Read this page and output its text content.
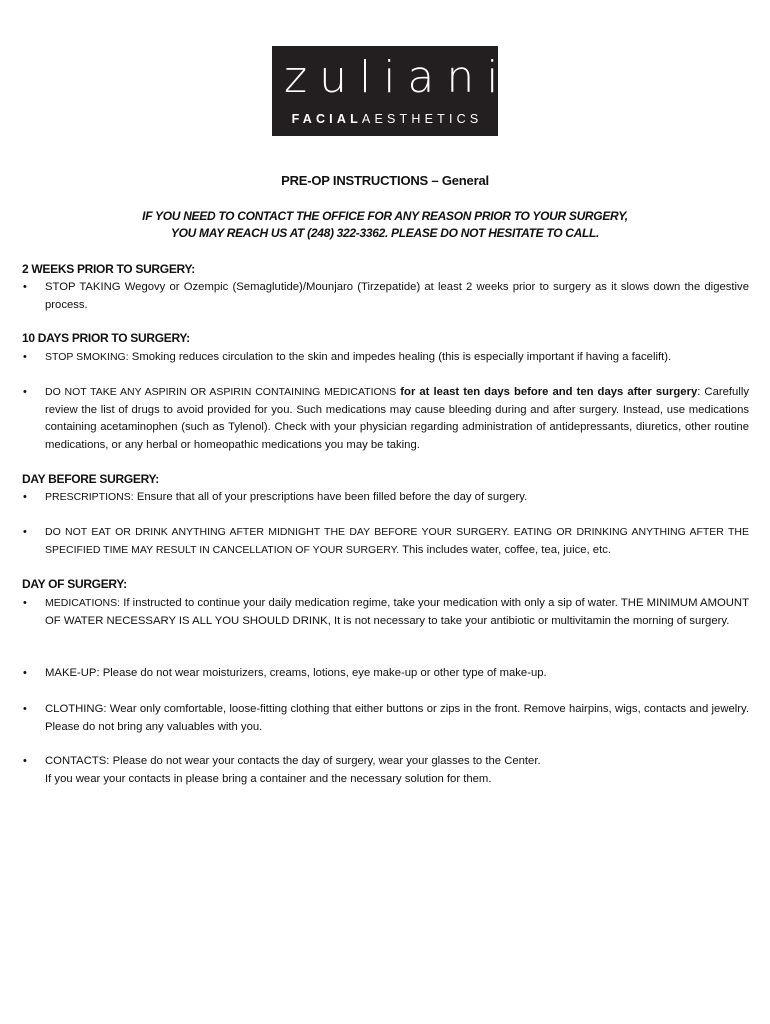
zuliani
FACIALAESTHETICS
PRE-OP INSTRUCTIONS – General
IF YOU NEED TO CONTACT THE OFFICE FOR ANY REASON PRIOR TO YOUR SURGERY,
YOU MAY REACH US AT (248) 322-3362. PLEASE DO NOT HESITATE TO CALL.
2 WEEKS PRIOR TO SURGERY:
• STOP TAKING Wegovy or Ozempic (Semaglutide)/Mounjaro (Tirzepatide) at least 2 weeks prior to surgery as it slows down the digestive process.
10 DAYS PRIOR TO SURGERY:
• STOP SMOKING: Smoking reduces circulation to the skin and impedes healing (this is especially important if having a facelift).
• DO NOT TAKE ANY ASPIRIN OR ASPIRIN CONTAINING MEDICATIONS for at least ten days before and ten days after surgery: Carefully review the list of drugs to avoid provided for you. Such medications may cause bleeding during and after surgery. Instead, use medications containing acetaminophen (such as Tylenol). Check with your physician regarding administration of antidepressants, diuretics, other routine medications, or any herbal or homeopathic medications you may be taking.
DAY BEFORE SURGERY:
• PRESCRIPTIONS: Ensure that all of your prescriptions have been filled before the day of surgery.
• DO NOT EAT OR DRINK ANYTHING AFTER MIDNIGHT THE DAY BEFORE YOUR SURGERY. EATING OR DRINKING ANYTHING AFTER THE SPECIFIED TIME MAY RESULT IN CANCELLATION OF YOUR SURGERY. This includes water, coffee, tea, juice, etc.
DAY OF SURGERY:
• MEDICATIONS: If instructed to continue your daily medication regime, take your medication with only a sip of water. THE MINIMUM AMOUNT OF WATER NECESSARY IS ALL YOU SHOULD DRINK, It is not necessary to take your antibiotic or multivitamin the morning of surgery.
• MAKE-UP: Please do not wear moisturizers, creams, lotions, eye make-up or other type of make-up.
• CLOTHING: Wear only comfortable, loose-fitting clothing that either buttons or zips in the front. Remove hairpins, wigs, contacts and jewelry. Please do not bring any valuables with you.
• CONTACTS: Please do not wear your contacts the day of surgery, wear your glasses to the Center.
If you wear your contacts in please bring a container and the necessary solution for them.
